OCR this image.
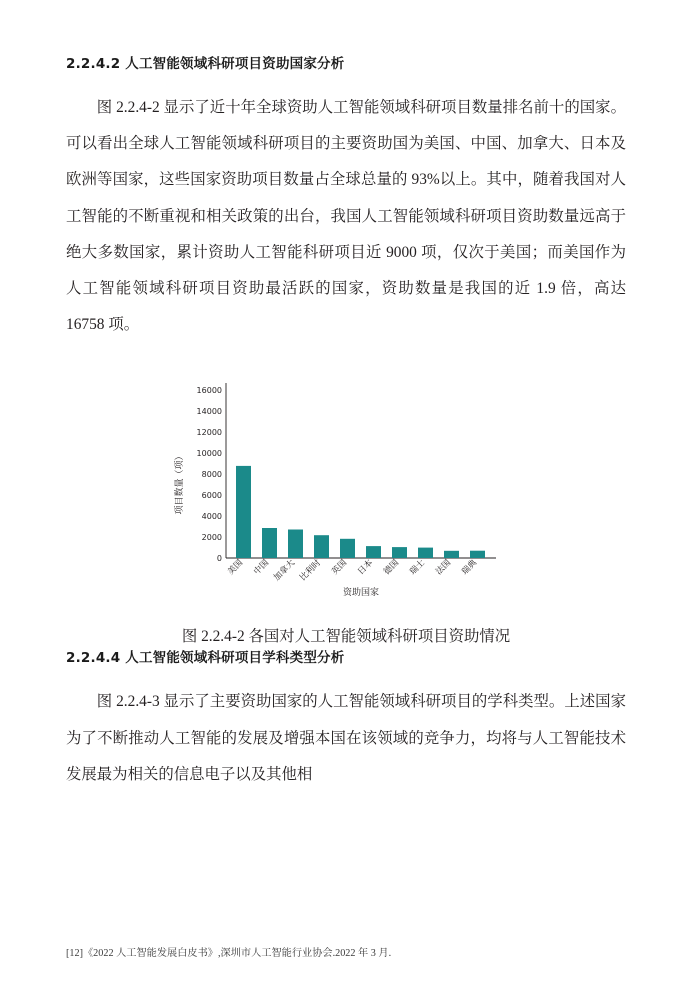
2.2.4.2 人工智能领域科研项目资助国家分析

图 2.2.4-2 显示了近十年全球资助人工智能领域科研项目数量排名前十的国家。可以看出全球人工智能领域科研项目的主要资助国为美国、中国、加拿大、日本及欧洲等国家，这些国家资助项目数量占全球总量的 93%以上。其中，随着我国对人工智能的不断重视和相关政策的出台，我国人工智能领域科研项目资助数量远高于绝大多数国家，累计资助人工智能科研项目近 9000 项，仅次于美国；而美国作为人工智能领域科研项目资助最活跃的国家，资助数量是我国的近 1.9 倍，高达 16758 项。

项目数量（项）
16000
14000
12000
10000
8000
6000
4000
2000
0 美国 中国 加拿大 比利时 英国 日本 德国 瑞士 法国 瑞典
资助国家
图 2.2.4-2 各国对人工智能领域科研项目资助情况
2.2.4.4 人工智能领域科研项目学科类型分析

图 2.2.4-3 显示了主要资助国家的人工智能领域科研项目的学科类型。上述国家为了不断推动人工智能的发展及增强本国在该领域的竞争力，均将与人工智能技术发展最为相关的信息电子以及其他相

[12]《2022 人工智能发展白皮书》,深圳市人工智能行业协会.2022 年 3 月.
